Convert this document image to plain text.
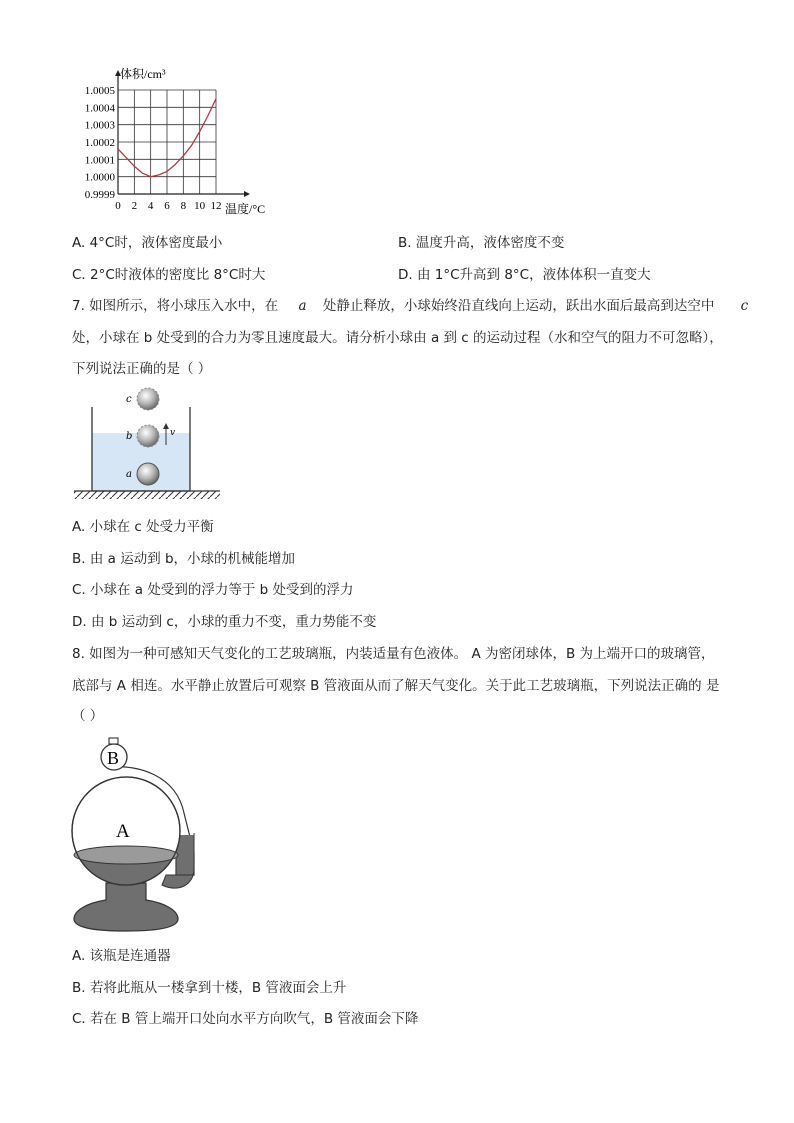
1.0005
1.0004
1.0003
1.0002
1.0001
1.0000
0.9999
0 2 4 6 8 10 12
体积/cm³
温度/°C
A. 4°C时，液体密度最小	B. 温度升高，液体密度不变
C. 2°C时液体的密度比 8°C时大	D. 由 1°C升高到 8°C，液体体积一直变大
7. 如图所示，将小球压入水中，在 a 处静止释放，小球始终沿直线向上运动，跃出水面后最高到达空中 c
处，小球在 b 处受到的合力为零且速度最大。请分析小球由 a 到 c 的运动过程（水和空气的阻力不可忽略），
下列说法正确的是（ ）
c
b
a
v
A. 小球在 c 处受力平衡
B. 由 a 运动到 b，小球的机械能增加
C. 小球在 a 处受到的浮力等于 b 处受到的浮力
D. 由 b 运动到 c，小球的重力不变，重力势能不变
8. 如图为一种可感知天气变化的工艺玻璃瓶，内装适量有色液体。 A 为密闭球体，B 为上端开口的玻璃管，
底部与 A 相连。水平静止放置后可观察 B 管液面从而了解天气变化。关于此工艺玻璃瓶，下列说法正确的 是
（ ）
B
A
A. 该瓶是连通器
B. 若将此瓶从一楼拿到十楼，B 管液面会上升
C. 若在 B 管上端开口处向水平方向吹气，B 管液面会下降
